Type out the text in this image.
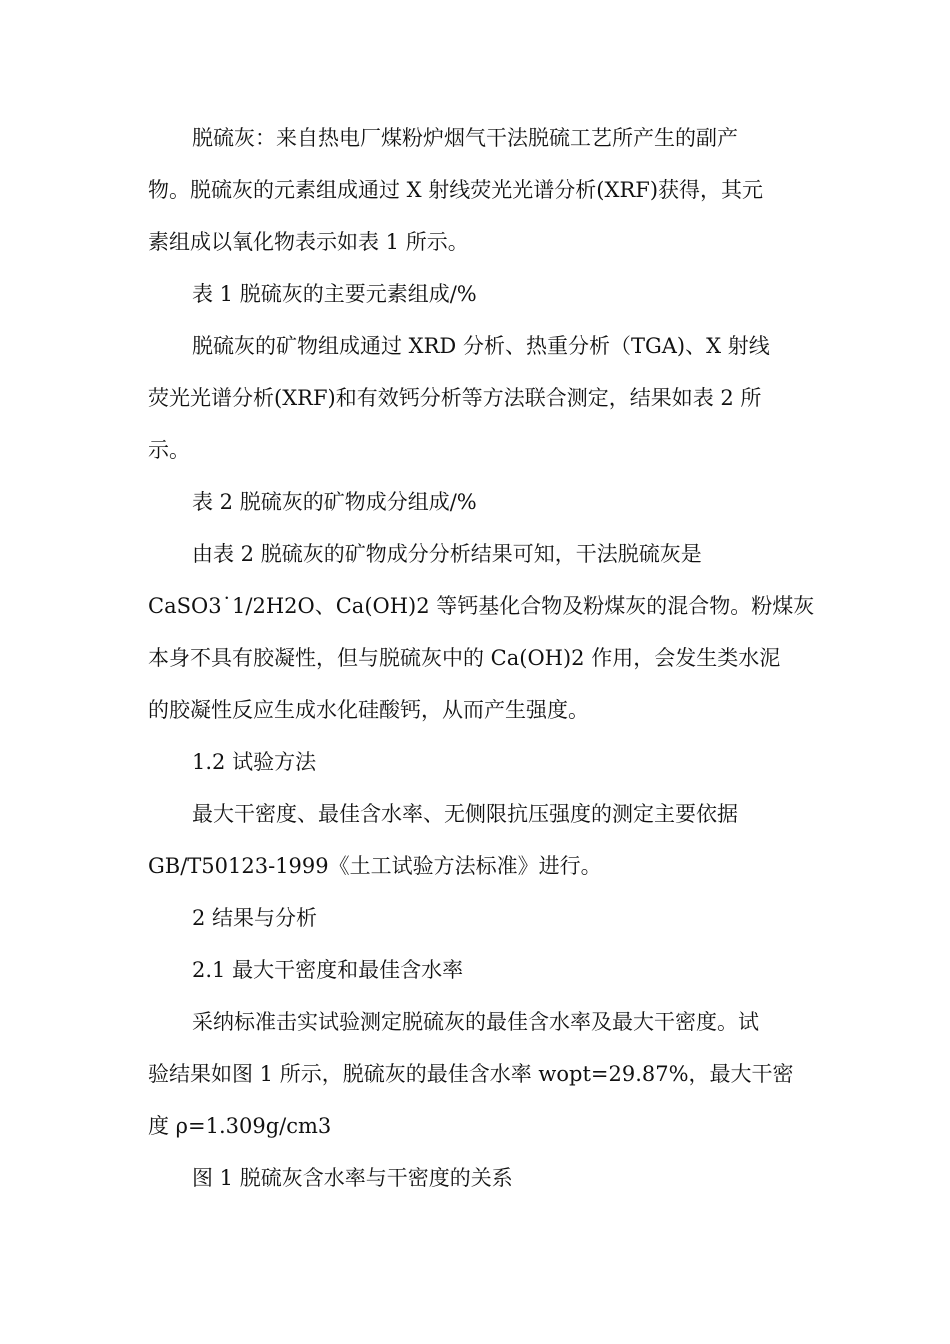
脱硫灰：来自热电厂煤粉炉烟气干法脱硫工艺所产生的副产
物。脱硫灰的元素组成通过 X 射线荧光光谱分析(XRF)获得，其元
素组成以氧化物表示如表 1 所示。
表 1 脱硫灰的主要元素组成/%
脱硫灰的矿物组成通过 XRD 分析、热重分析（TGA)、X 射线
荧光光谱分析(XRF)和有效钙分析等方法联合测定，结果如表 2 所
示。
表 2 脱硫灰的矿物成分组成/%
由表 2 脱硫灰的矿物成分分析结果可知，干法脱硫灰是
CaSO3˙1/2H2O、Ca(OH)2 等钙基化合物及粉煤灰的混合物。粉煤灰
本身不具有胶凝性，但与脱硫灰中的 Ca(OH)2 作用，会发生类水泥
的胶凝性反应生成水化硅酸钙，从而产生强度。
1.2 试验方法
最大干密度、最佳含水率、无侧限抗压强度的测定主要依据
GB/T50123-1999《土工试验方法标准》进行。
2 结果与分析
2.1 最大干密度和最佳含水率
采纳标准击实试验测定脱硫灰的最佳含水率及最大干密度。试
验结果如图 1 所示，脱硫灰的最佳含水率 wopt=29.87%，最大干密
度 ρ=1.309g/cm3
图 1 脱硫灰含水率与干密度的关系
